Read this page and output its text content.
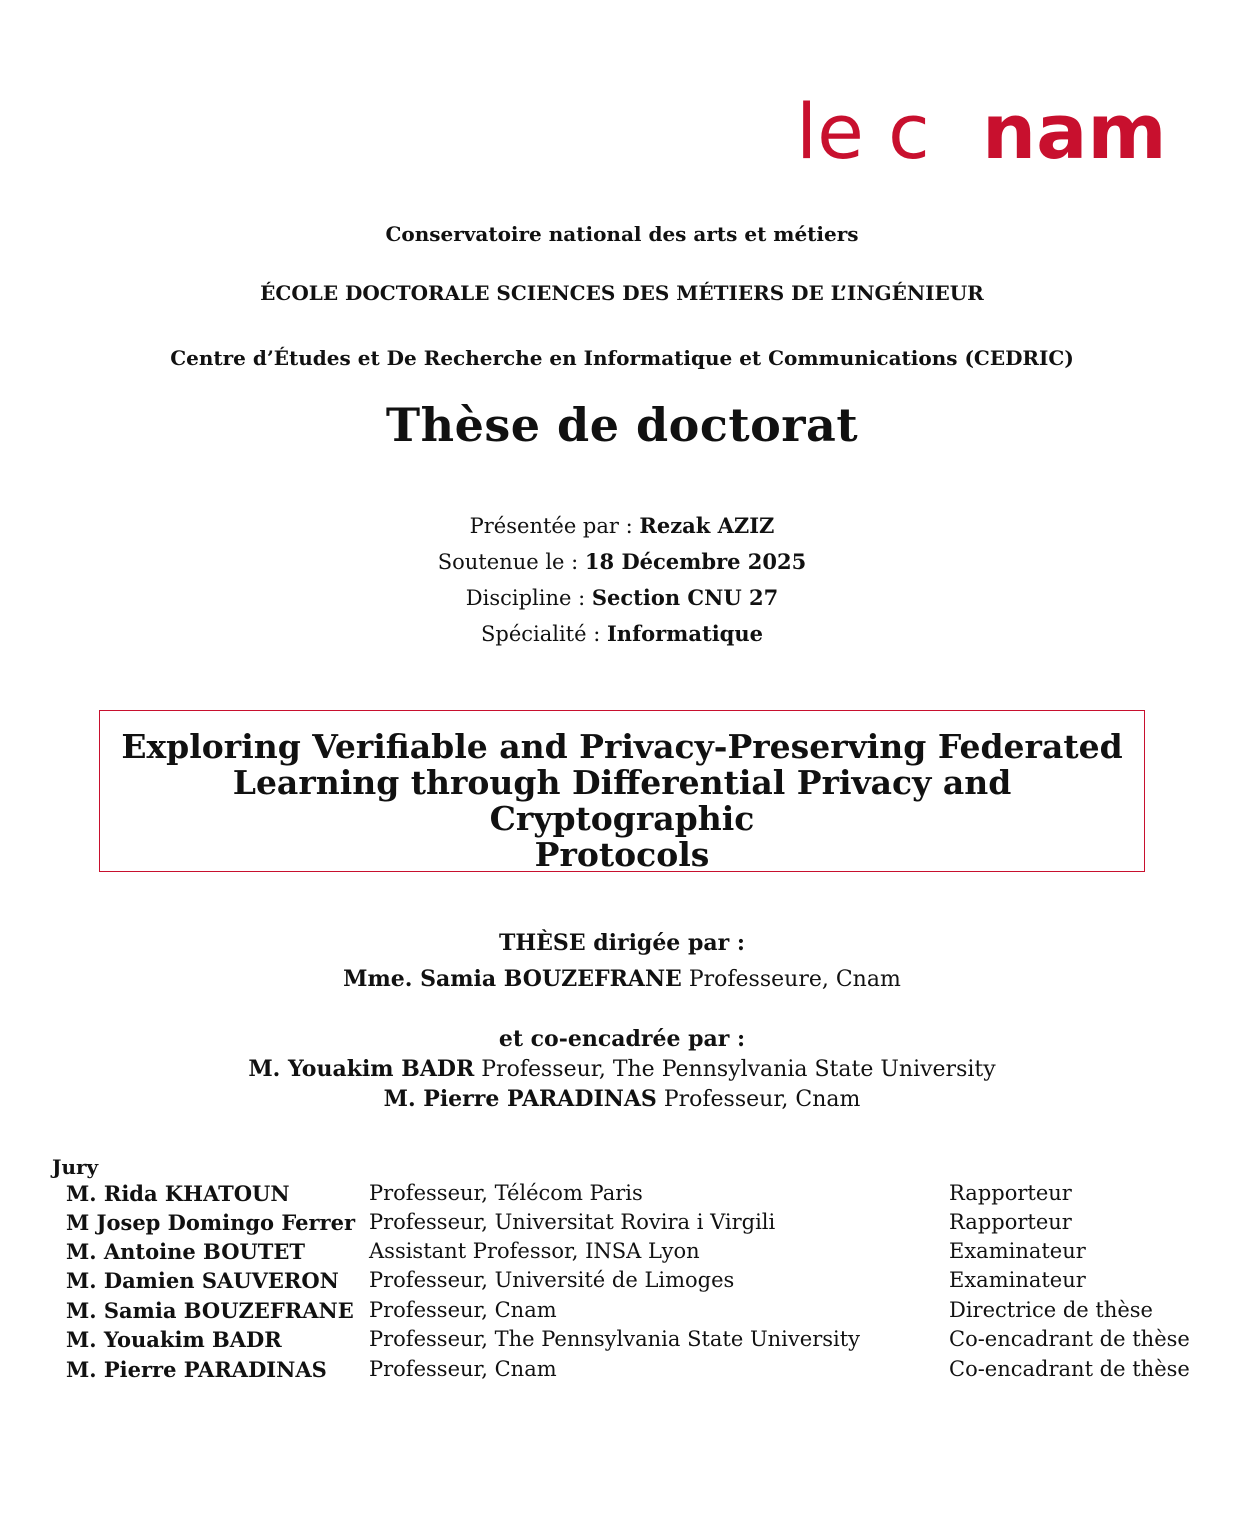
le c nam
Conservatoire national des arts et métiers
ÉCOLE DOCTORALE SCIENCES DES MÉTIERS DE L’INGÉNIEUR
Centre d’Études et De Recherche en Informatique et Communications (CEDRIC)
Thèse de doctorat
Présentée par : Rezak AZIZ
Soutenue le : 18 Décembre 2025
Discipline : Section CNU 27
Spécialité : Informatique
Exploring Verifiable and Privacy-Preserving Federated
Learning through Differential Privacy and Cryptographic
Protocols
THÈSE dirigée par :
Mme. Samia BOUZEFRANE Professeure, Cnam
et co-encadrée par :
M. Youakim BADR Professeur, The Pennsylvania State University
M. Pierre PARADINAS Professeur, Cnam
Jury
M. Rida KHATOUN	Professeur, Télécom Paris	Rapporteur
M Josep Domingo Ferrer Professeur, Universitat Rovira i Virgili	Rapporteur
M. Antoine BOUTET	Assistant Professor, INSA Lyon	Examinateur
M. Damien SAUVERON Professeur, Université de Limoges	Examinateur
M. Samia BOUZEFRANE Professeur, Cnam	Directrice de thèse
M. Youakim BADR	Professeur, The Pennsylvania State University	Co-encadrant de thèse
M. Pierre PARADINAS Professeur, Cnam	Co-encadrant de thèse
